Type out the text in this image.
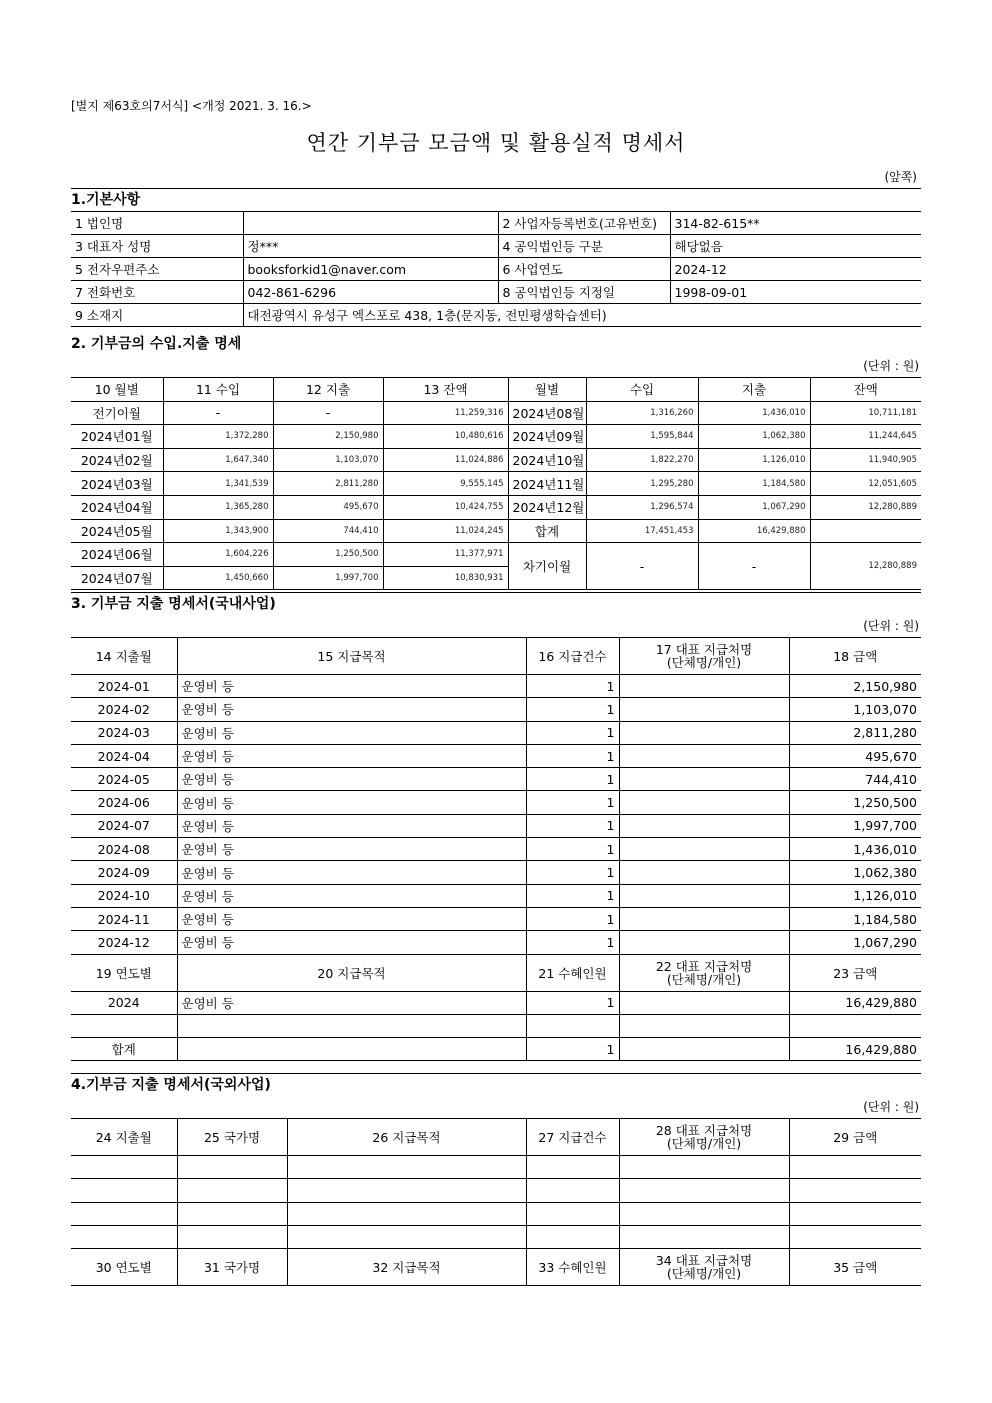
[별지 제63호의7서식] <개정 2021. 3. 16.>
연간 기부금 모금액 및 활용실적 명세서
(앞쪽)
1.기본사항
1 법인명		2 사업자등록번호(고유번호)	314-82-615**
3 대표자 성명	정***	4 공익법인등 구분	해당없음
5 전자우편주소	booksforkid1@naver.com	6 사업연도	2024-12
7 전화번호	042-861-6296	8 공익법인등 지정일	1998-09-01
9 소재지	대전광역시 유성구 엑스포로 438, 1층(문지동, 전민평생학습센터)		
2. 기부금의 수입.지출 명세
(단위 : 원)
10 월별	11 수입	12 지출	13 잔액	월별	수입	지출	잔액
전기이월	-	-	11,259,316	2024년08월	1,316,260	1,436,010	10,711,181
2024년01월	1,372,280	2,150,980	10,480,616	2024년09월	1,595,844	1,062,380	11,244,645
2024년02월	1,647,340	1,103,070	11,024,886	2024년10월	1,822,270	1,126,010	11,940,905
2024년03월	1,341,539	2,811,280	9,555,145	2024년11월	1,295,280	1,184,580	12,051,605
2024년04월	1,365,280	495,670	10,424,755	2024년12월	1,296,574	1,067,290	12,280,889
2024년05월	1,343,900	744,410	11,024,245	합계	17,451,453	16,429,880	
2024년06월	1,604,226	1,250,500	11,377,971	차기이월	-	-	12,280,889
2024년07월	1,450,660	1,997,700	10,830,931				
3. 기부금 지출 명세서(국내사업)
(단위 : 원)
14 지출월	15 지급목적	16 지급건수	17 대표 지급처명
(단체명/개인)	18 금액
2024-01	운영비 등	1		2,150,980
2024-02	운영비 등	1		1,103,070
2024-03	운영비 등	1		2,811,280
2024-04	운영비 등	1		495,670
2024-05	운영비 등	1		744,410
2024-06	운영비 등	1		1,250,500
2024-07	운영비 등	1		1,997,700
2024-08	운영비 등	1		1,436,010
2024-09	운영비 등	1		1,062,380
2024-10	운영비 등	1		1,126,010
2024-11	운영비 등	1		1,184,580
2024-12	운영비 등	1		1,067,290
19 연도별	20 지급목적	21 수혜인원	22 대표 지급처명
(단체명/개인)	23 금액
2024	운영비 등	1		16,429,880

합계		1		16,429,880
4.기부금 지출 명세서(국외사업)
(단위 : 원)
24 지출월	25 국가명	26 지급목적	27 지급건수	28 대표 지급처명
(단체명/개인)	29 금액

30 연도별	31 국가명	32 지급목적	33 수혜인원	34 대표 지급처명
(단체명/개인)	35 금액
